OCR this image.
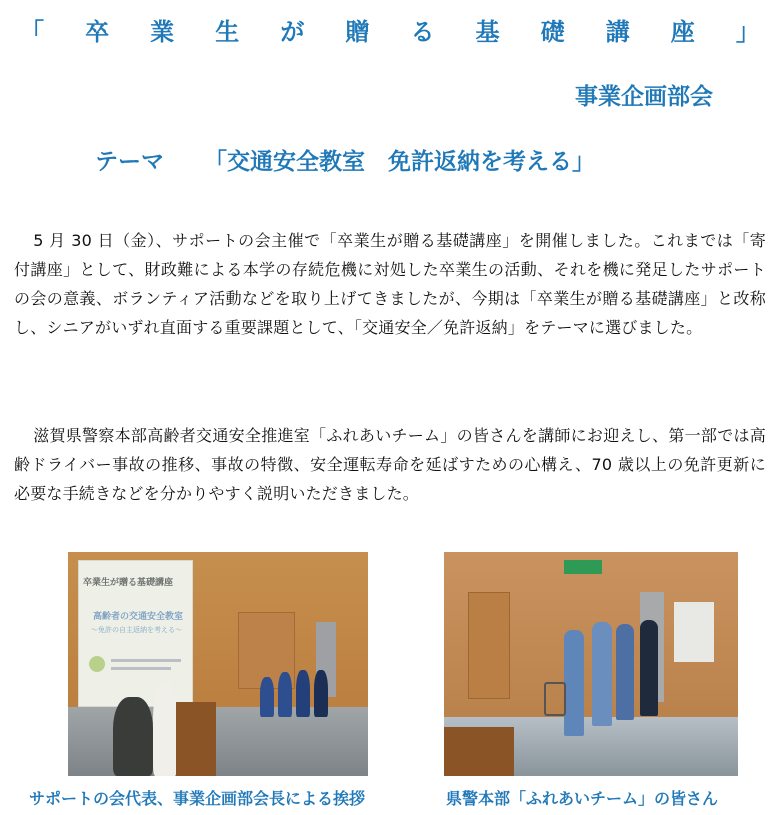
「 卒 業 生 が 贈 る 基 礎 講 座 」
事業企画部会
テーマ 「交通安全教室　免許返納を考える」

5 月 30 日（金）、サポートの会主催で「卒業生が贈る基礎講座」を開催しました。これまでは「寄付講座」として、財政難による本学の存続危機に対処した卒業生の活動、それを機に発足したサポートの会の意義、ボランティア活動などを取り上げてきましたが、今期は「卒業生が贈る基礎講座」と改称し、シニアがいずれ直面する重要課題として、「交通安全／免許返納」をテーマに選びました。

滋賀県警察本部高齢者交通安全推進室「ふれあいチーム」の皆さんを講師にお迎えし、第一部では高齢ドライバー事故の推移、事故の特徴、安全運転寿命を延ばすための心構え、70 歳以上の免許更新に必要な手続きなどを分かりやすく説明いただきました。

卒業生が贈る基礎講座
高齢者の交通安全教室
〜免許の自主返納を考える〜
サポートの会代表、事業企画部会長による挨拶	県警本部「ふれあいチーム」の皆さん
